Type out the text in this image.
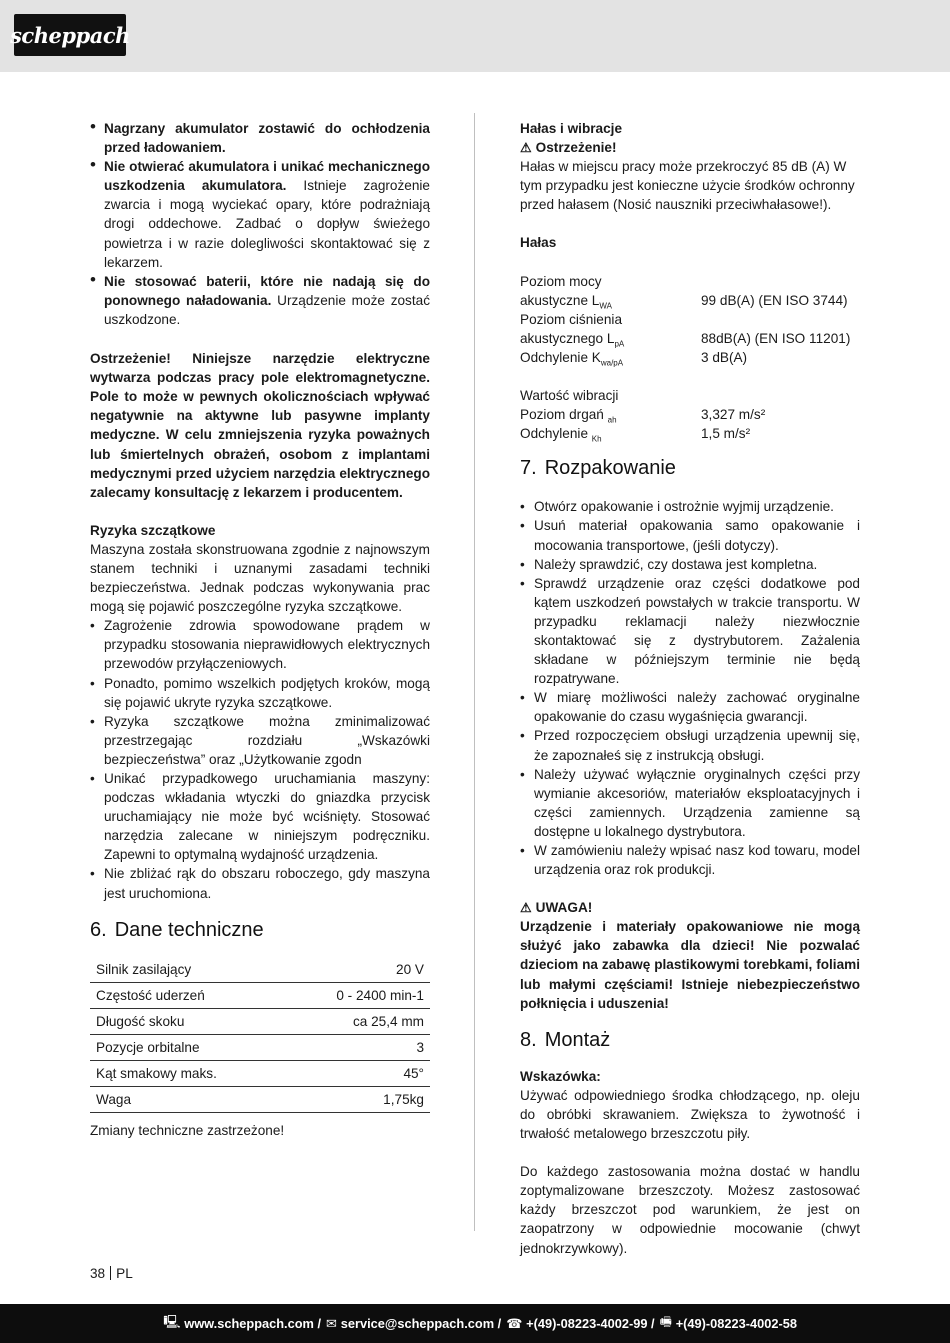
scheppach
• Nagrzany akumulator zostawić do ochłodzenia przed ładowaniem.
• Nie otwierać akumulatora i unikać mechanicznego uszkodzenia akumulatora. Istnieje zagrożenie zwarcia i mogą wyciekać opary, które podrażniają drogi oddechowe. Zadbać o dopływ świeżego powietrza i w razie dolegliwości skontaktować się z lekarzem.
• Nie stosować baterii, które nie nadają się do ponownego naładowania. Urządzenie może zostać uszkodzone.

Ostrzeżenie! Niniejsze narzędzie elektryczne wytwarza podczas pracy pole elektromagnetyczne. Pole to może w pewnych okolicznościach wpływać negatywnie na aktywne lub pasywne implanty medyczne. W celu zmniejszenia ryzyka poważnych lub śmiertelnych obrażeń, osobom z implantami medycznymi przed użyciem narzędzia elektrycznego zalecamy konsultację z lekarzem i producentem.

Ryzyka szczątkowe

Maszyna została skonstruowana zgodnie z najnowszym stanem techniki i uznanymi zasadami techniki bezpieczeństwa. Jednak podczas wykonywania prac mogą się pojawić poszczególne ryzyka szczątkowe.

• Zagrożenie zdrowia spowodowane prądem w przypadku stosowania nieprawidłowych elektrycznych przewodów przyłączeniowych.
• Ponadto, pomimo wszelkich podjętych kroków, mogą się pojawić ukryte ryzyka szczątkowe.
• Ryzyka szczątkowe można zminimalizować przestrzegając rozdziału „Wskazówki bezpieczeństwa” oraz „Użytkowanie zgodn
• Unikać przypadkowego uruchamiania maszyny: podczas wkładania wtyczki do gniazdka przycisk uruchamiający nie może być wciśnięty. Stosować narzędzia zalecane w niniejszym podręczniku. Zapewni to optymalną wydajność urządzenia.
• Nie zbliżać rąk do obszaru roboczego, gdy maszyna jest uruchomiona.
6. Dane techniczne
Silnik zasilający	20 V
Częstość uderzeń	0 - 2400 min-1
Długość skoku	ca 25,4 mm
Pozycje orbitalne	3
Kąt smakowy maks.	45°
Waga	1,75kg

Zmiany techniczne zastrzeżone!

Hałas i wibracje

⚠ Ostrzeżenie!

Hałas w miejscu pracy może przekroczyć 85 dB (A) W tym przypadku jest konieczne użycie środków ochronny przed hałasem (Nosić nauszniki przeciwhałasowe!).

Hałas

Poziom mocy
akustyczne $L_{WA}$	99 dB(A) (EN ISO 3744)
Poziom ciśnienia
akustycznego $L_{pA}$	88dB(A) (EN ISO 11201)
Odchylenie $K_{wa/pA}$	3 dB(A)
Wartość wibracji
Poziom drgań $_{ah}$	3,327 m/s²
Odchylenie $_{Kh}$	1,5 m/s²
7. Rozpakowanie
• Otwórz opakowanie i ostrożnie wyjmij urządzenie.
• Usuń materiał opakowania samo opakowanie i mocowania transportowe, (jeśli dotyczy).
• Należy sprawdzić, czy dostawa jest kompletna.
• Sprawdź urządzenie oraz części dodatkowe pod kątem uszkodzeń powstałych w trakcie transportu. W przypadku reklamacji należy niezwłocznie skontaktować się z dystrybutorem. Zażalenia składane w późniejszym terminie nie będą rozpatrywane.
• W miarę możliwości należy zachować oryginalne opakowanie do czasu wygaśnięcia gwarancji.
• Przed rozpoczęciem obsługi urządzenia upewnij się, że zapoznałeś się z instrukcją obsługi.
• Należy używać wyłącznie oryginalnych części przy wymianie akcesoriów, materiałów eksploatacyjnych i części zamiennych. Urządzenia zamienne są dostępne u lokalnego dystrybutora.
• W zamówieniu należy wpisać nasz kod towaru, model urządzenia oraz rok produkcji.

⚠ UWAGA!

Urządzenie i materiały opakowaniowe nie mogą służyć jako zabawka dla dzieci! Nie pozwalać dzieciom na zabawę plastikowymi torebkami, foliami lub małymi częściami! Istnieje niebezpieczeństwo połknięcia i uduszenia!

8. Montaż

Wskazówka:

Używać odpowiedniego środka chłodzącego, np. oleju do obróbki skrawaniem. Zwiększa to żywotność i trwałość metalowego brzeszczotu piły.

Do każdego zastosowania można dostać w handlu zoptymalizowane brzeszczoty. Możesz zastosować każdy brzeszczot pod warunkiem, że jest on zaopatrzony w odpowiednie mocowanie (chwyt jednokrzywkowy).

38 PL
🖳 www.scheppach.com / ✉ service@scheppach.com / ☎ +(49)-08223-4002-99 / 🖷 +(49)-08223-4002-58
